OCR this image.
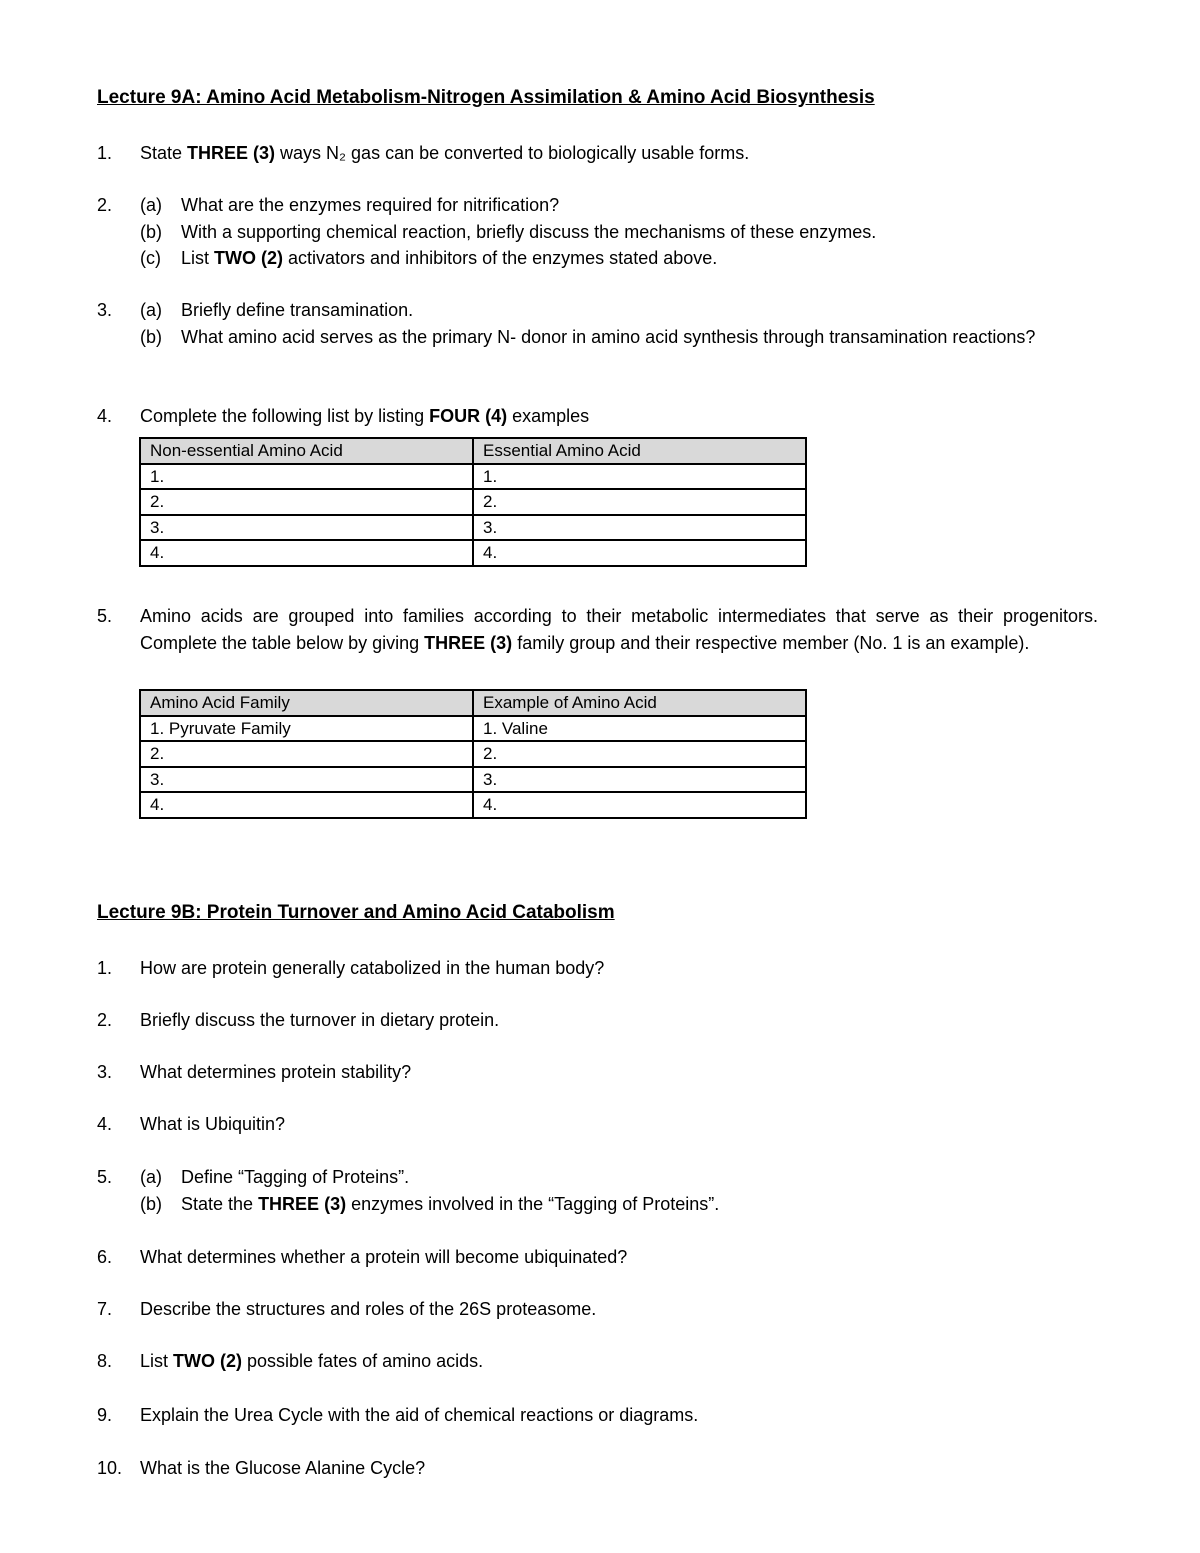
Lecture 9A: Amino Acid Metabolism-Nitrogen Assimilation & Amino Acid Biosynthesis
1. State THREE (3) ways N₂ gas can be converted to biologically usable forms.
2. (a)	What are the enzymes required for nitrification?
(b)	With a supporting chemical reaction, briefly discuss the mechanisms of these enzymes.
(c)	List TWO (2) activators and inhibitors of the enzymes stated above.
3. (a)	Briefly define transamination.
(b)	What amino acid serves as the primary N- donor in amino acid synthesis through transamination reactions?
4. Complete the following list by listing FOUR (4) examples
Non-essential Amino Acid	Essential Amino Acid
1.	1.
2.	2.
3.	3.
4.	4.
5. Amino acids are grouped into families according to their metabolic intermediates that serve as their progenitors. Complete the table below by giving THREE (3) family group and their respective member (No. 1 is an example).
Amino Acid Family	Example of Amino Acid
1. Pyruvate Family	1. Valine
2.	2.
3.	3.
4.	4.
Lecture 9B: Protein Turnover and Amino Acid Catabolism
1. How are protein generally catabolized in the human body?
2. Briefly discuss the turnover in dietary protein.
3. What determines protein stability?
4. What is Ubiquitin?
5. (a)	Define “Tagging of Proteins”.
(b)	State the THREE (3) enzymes involved in the “Tagging of Proteins”.
6. What determines whether a protein will become ubiquinated?
7. Describe the structures and roles of the 26S proteasome.
8. List TWO (2) possible fates of amino acids.
9. Explain the Urea Cycle with the aid of chemical reactions or diagrams.
10. What is the Glucose Alanine Cycle?
